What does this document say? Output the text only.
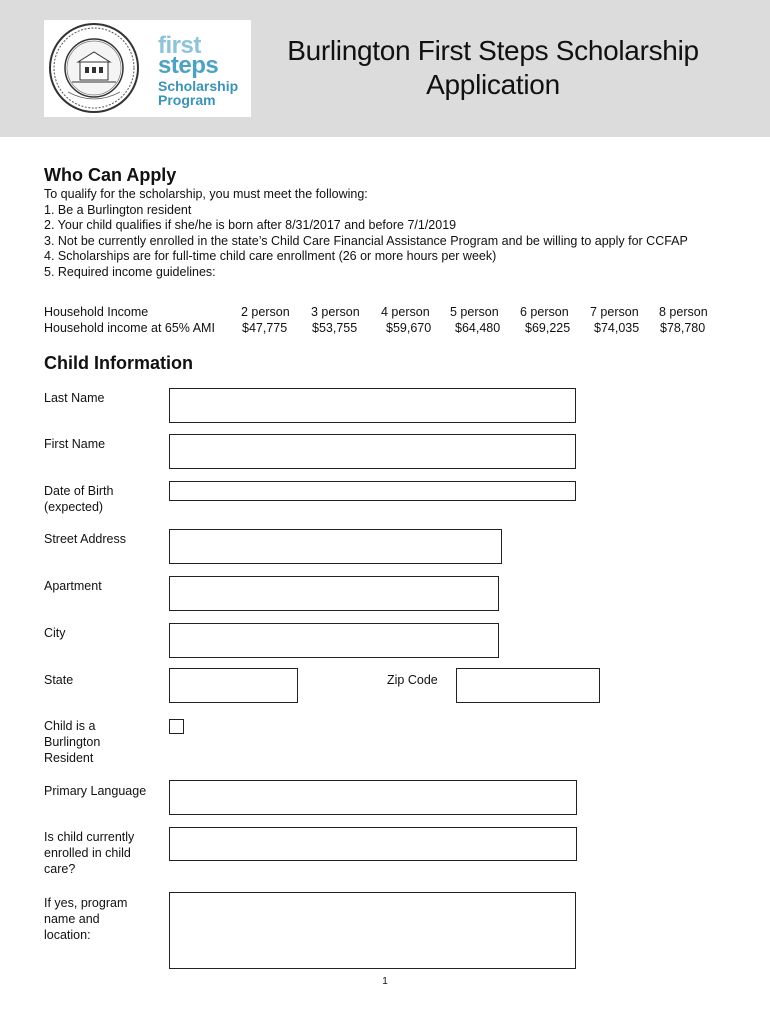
first
steps
Scholarship
Program
Burlington First Steps Scholarship
Application
Who Can Apply
To qualify for the scholarship, you must meet the following:
1. Be a Burlington resident
2. Your child qualifies if she/he is born after 8/31/2017 and before 7/1/2019
3. Not be currently enrolled in the state’s Child Care Financial Assistance Program and be willing to apply for CCFAP
4. Scholarships are for full-time child care enrollment (26 or more hours per week)
5. Required income guidelines:
Household Income	2 person 3 person 4 person 5 person 6 person 7 person 8 person
Household income at 65% AMI $47,775 $53,755 $59,670 $64,480 $69,225 $74,035 $78,780
Child Information
Last Name
First Name
Date of Birth
(expected)
Street Address
Apartment
City
State	Zip Code
Child is a
Burlington
Resident
Primary Language
Is child currently
enrolled in child
care?
If yes, program
name and
location:
1
